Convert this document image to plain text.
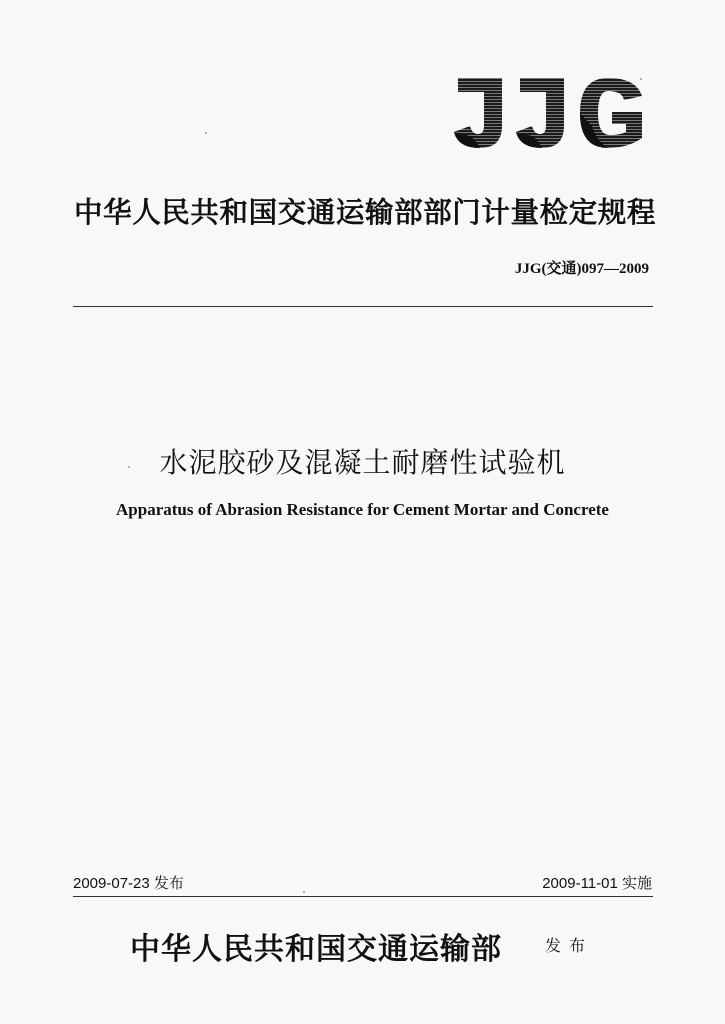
中华人民共和国交通运输部部门计量检定规程
JJG(交通)097—2009
水泥胶砂及混凝土耐磨性试验机
Apparatus of Abrasion Resistance for Cement Mortar and Concrete
2009-07-23 发布	2009-11-01 实施
中华人民共和国交通运输部	发布
